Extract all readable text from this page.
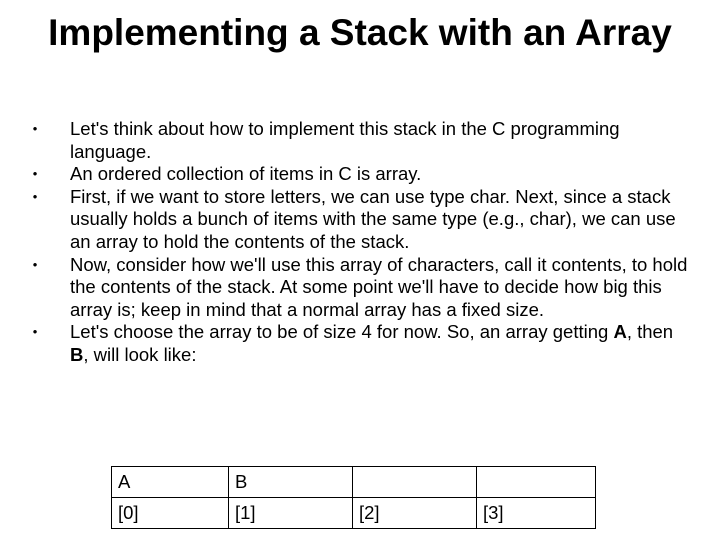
Implementing a Stack with an Array
• Let's think about how to implement this stack in the C programming language.
• An ordered collection of items in C is array.
• First, if we want to store letters, we can use type char. Next, since a stack usually holds a bunch of items with the same type (e.g., char), we can use an array to hold the contents of the stack.
• Now, consider how we'll use this array of characters, call it contents, to hold the contents of the stack. At some point we'll have to decide how big this array is; keep in mind that a normal array has a fixed size.
• Let's choose the array to be of size 4 for now. So, an array getting A, then B, will look like:
A	B		
[0]	[1]	[2]	[3]
